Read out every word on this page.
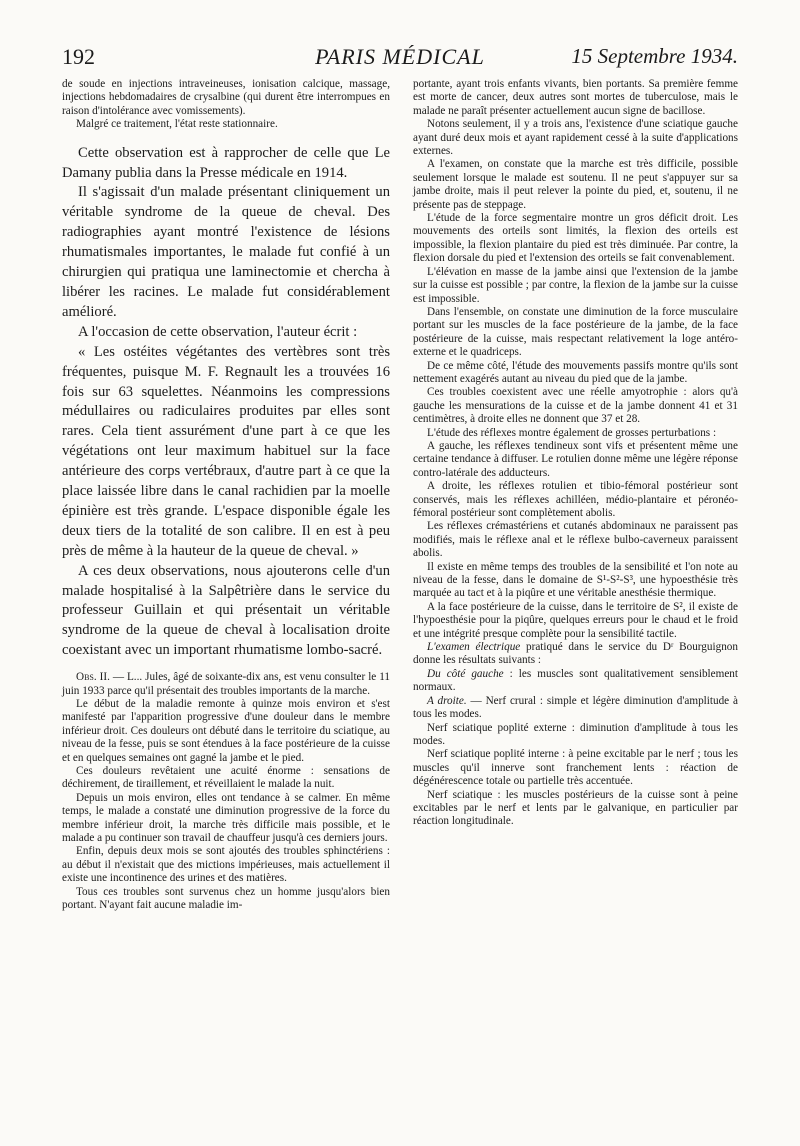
192	PARIS MÉDICAL	15 Septembre 1934.

de soude en injections intraveineuses, ionisation calcique, massage, injections hebdomadaires de crysalbine (qui durent être interrompues en raison d'intolérance avec vomissements).

Malgré ce traitement, l'état reste stationnaire.

Cette observation est à rapprocher de celle que Le Damany publia dans la Presse médicale en 1914.

Il s'agissait d'un malade présentant cliniquement un véritable syndrome de la queue de cheval. Des radiographies ayant montré l'existence de lésions rhumatismales importantes, le malade fut confié à un chirurgien qui pratiqua une laminectomie et chercha à libérer les racines. Le malade fut considérablement amélioré.

A l'occasion de cette observation, l'auteur écrit :

« Les ostéites végétantes des vertèbres sont très fréquentes, puisque M. F. Regnault les a trouvées 16 fois sur 63 squelettes. Néanmoins les compressions médullaires ou radiculaires produites par elles sont rares. Cela tient assurément d'une part à ce que les végétations ont leur maximum habituel sur la face antérieure des corps vertébraux, d'autre part à ce que la place laissée libre dans le canal rachidien par la moelle épinière est très grande. L'espace disponible égale les deux tiers de la totalité de son calibre. Il en est à peu près de même à la hauteur de la queue de cheval. »

A ces deux observations, nous ajouterons celle d'un malade hospitalisé à la Salpêtrière dans le service du professeur Guillain et qui présentait un véritable syndrome de la queue de cheval à localisation droite coexistant avec un important rhumatisme lombo-sacré.

Obs. II. — L... Jules, âgé de soixante-dix ans, est venu consulter le 11 juin 1933 parce qu'il présentait des troubles importants de la marche.

Le début de la maladie remonte à quinze mois environ et s'est manifesté par l'apparition progressive d'une douleur dans le membre inférieur droit. Ces douleurs ont débuté dans le territoire du sciatique, au niveau de la fesse, puis se sont étendues à la face postérieure de la cuisse et en quelques semaines ont gagné la jambe et le pied.

Ces douleurs revêtaient une acuité énorme : sensations de déchirement, de tiraillement, et réveillaient le malade la nuit.

Depuis un mois environ, elles ont tendance à se calmer. En même temps, le malade a constaté une diminution progressive de la force du membre inférieur droit, la marche très difficile mais possible, et le malade a pu continuer son travail de chauffeur jusqu'à ces derniers jours.

Enfin, depuis deux mois se sont ajoutés des troubles sphinctériens : au début il n'existait que des mictions impérieuses, mais actuellement il existe une incontinence des urines et des matières.

Tous ces troubles sont survenus chez un homme jusqu'alors bien portant. N'ayant fait aucune maladie im-

portante, ayant trois enfants vivants, bien portants. Sa première femme est morte de cancer, deux autres sont mortes de tuberculose, mais le malade ne paraît présenter actuellement aucun signe de bacillose.

Notons seulement, il y a trois ans, l'existence d'une sciatique gauche ayant duré deux mois et ayant rapidement cessé à la suite d'applications externes.

A l'examen, on constate que la marche est très difficile, possible seulement lorsque le malade est soutenu. Il ne peut s'appuyer sur sa jambe droite, mais il peut relever la pointe du pied, et, soutenu, il ne présente pas de steppage.

L'étude de la force segmentaire montre un gros déficit droit. Les mouvements des orteils sont limités, la flexion des orteils est impossible, la flexion plantaire du pied est très diminuée. Par contre, la flexion dorsale du pied et l'extension des orteils se fait convenablement.

L'élévation en masse de la jambe ainsi que l'extension de la jambe sur la cuisse est possible ; par contre, la flexion de la jambe sur la cuisse est impossible.

Dans l'ensemble, on constate une diminution de la force musculaire portant sur les muscles de la face postérieure de la jambe, de la face postérieure de la cuisse, mais respectant relativement la loge antéro-externe et le quadriceps.

De ce même côté, l'étude des mouvements passifs montre qu'ils sont nettement exagérés autant au niveau du pied que de la jambe.

Ces troubles coexistent avec une réelle amyotrophie : alors qu'à gauche les mensurations de la cuisse et de la jambe donnent 41 et 31 centimètres, à droite elles ne donnent que 37 et 28.

L'étude des réflexes montre également de grosses perturbations :

A gauche, les réflexes tendineux sont vifs et présentent même une certaine tendance à diffuser. Le rotulien donne même une légère réponse contro-latérale des adducteurs.

A droite, les réflexes rotulien et tibio-fémoral postérieur sont conservés, mais les réflexes achilléen, médio-plantaire et péronéo-fémoral postérieur sont complètement abolis.

Les réflexes crémastériens et cutanés abdominaux ne paraissent pas modifiés, mais le réflexe anal et le réflexe bulbo-caverneux paraissent abolis.

Il existe en même temps des troubles de la sensibilité et l'on note au niveau de la fesse, dans le domaine de S¹-S²-S³, une hypoesthésie très marquée au tact et à la piqûre et une véritable anesthésie thermique.

A la face postérieure de la cuisse, dans le territoire de S², il existe de l'hypoesthésie pour la piqûre, quelques erreurs pour le chaud et le froid et une intégrité presque complète pour la sensibilité tactile.

L'examen électrique pratiqué dans le service du Dʳ Bourguignon donne les résultats suivants :

Du côté gauche : les muscles sont qualitativement sensiblement normaux.

A droite. — Nerf crural : simple et légère diminution d'amplitude à tous les modes.

Nerf sciatique poplité externe : diminution d'amplitude à tous les modes.

Nerf sciatique poplité interne : à peine excitable par le nerf ; tous les muscles qu'il innerve sont franchement lents : réaction de dégénérescence totale ou partielle très accentuée.

Nerf sciatique : les muscles postérieurs de la cuisse sont à peine excitables par le nerf et lents par le galvanique, en particulier par réaction longitudinale.
